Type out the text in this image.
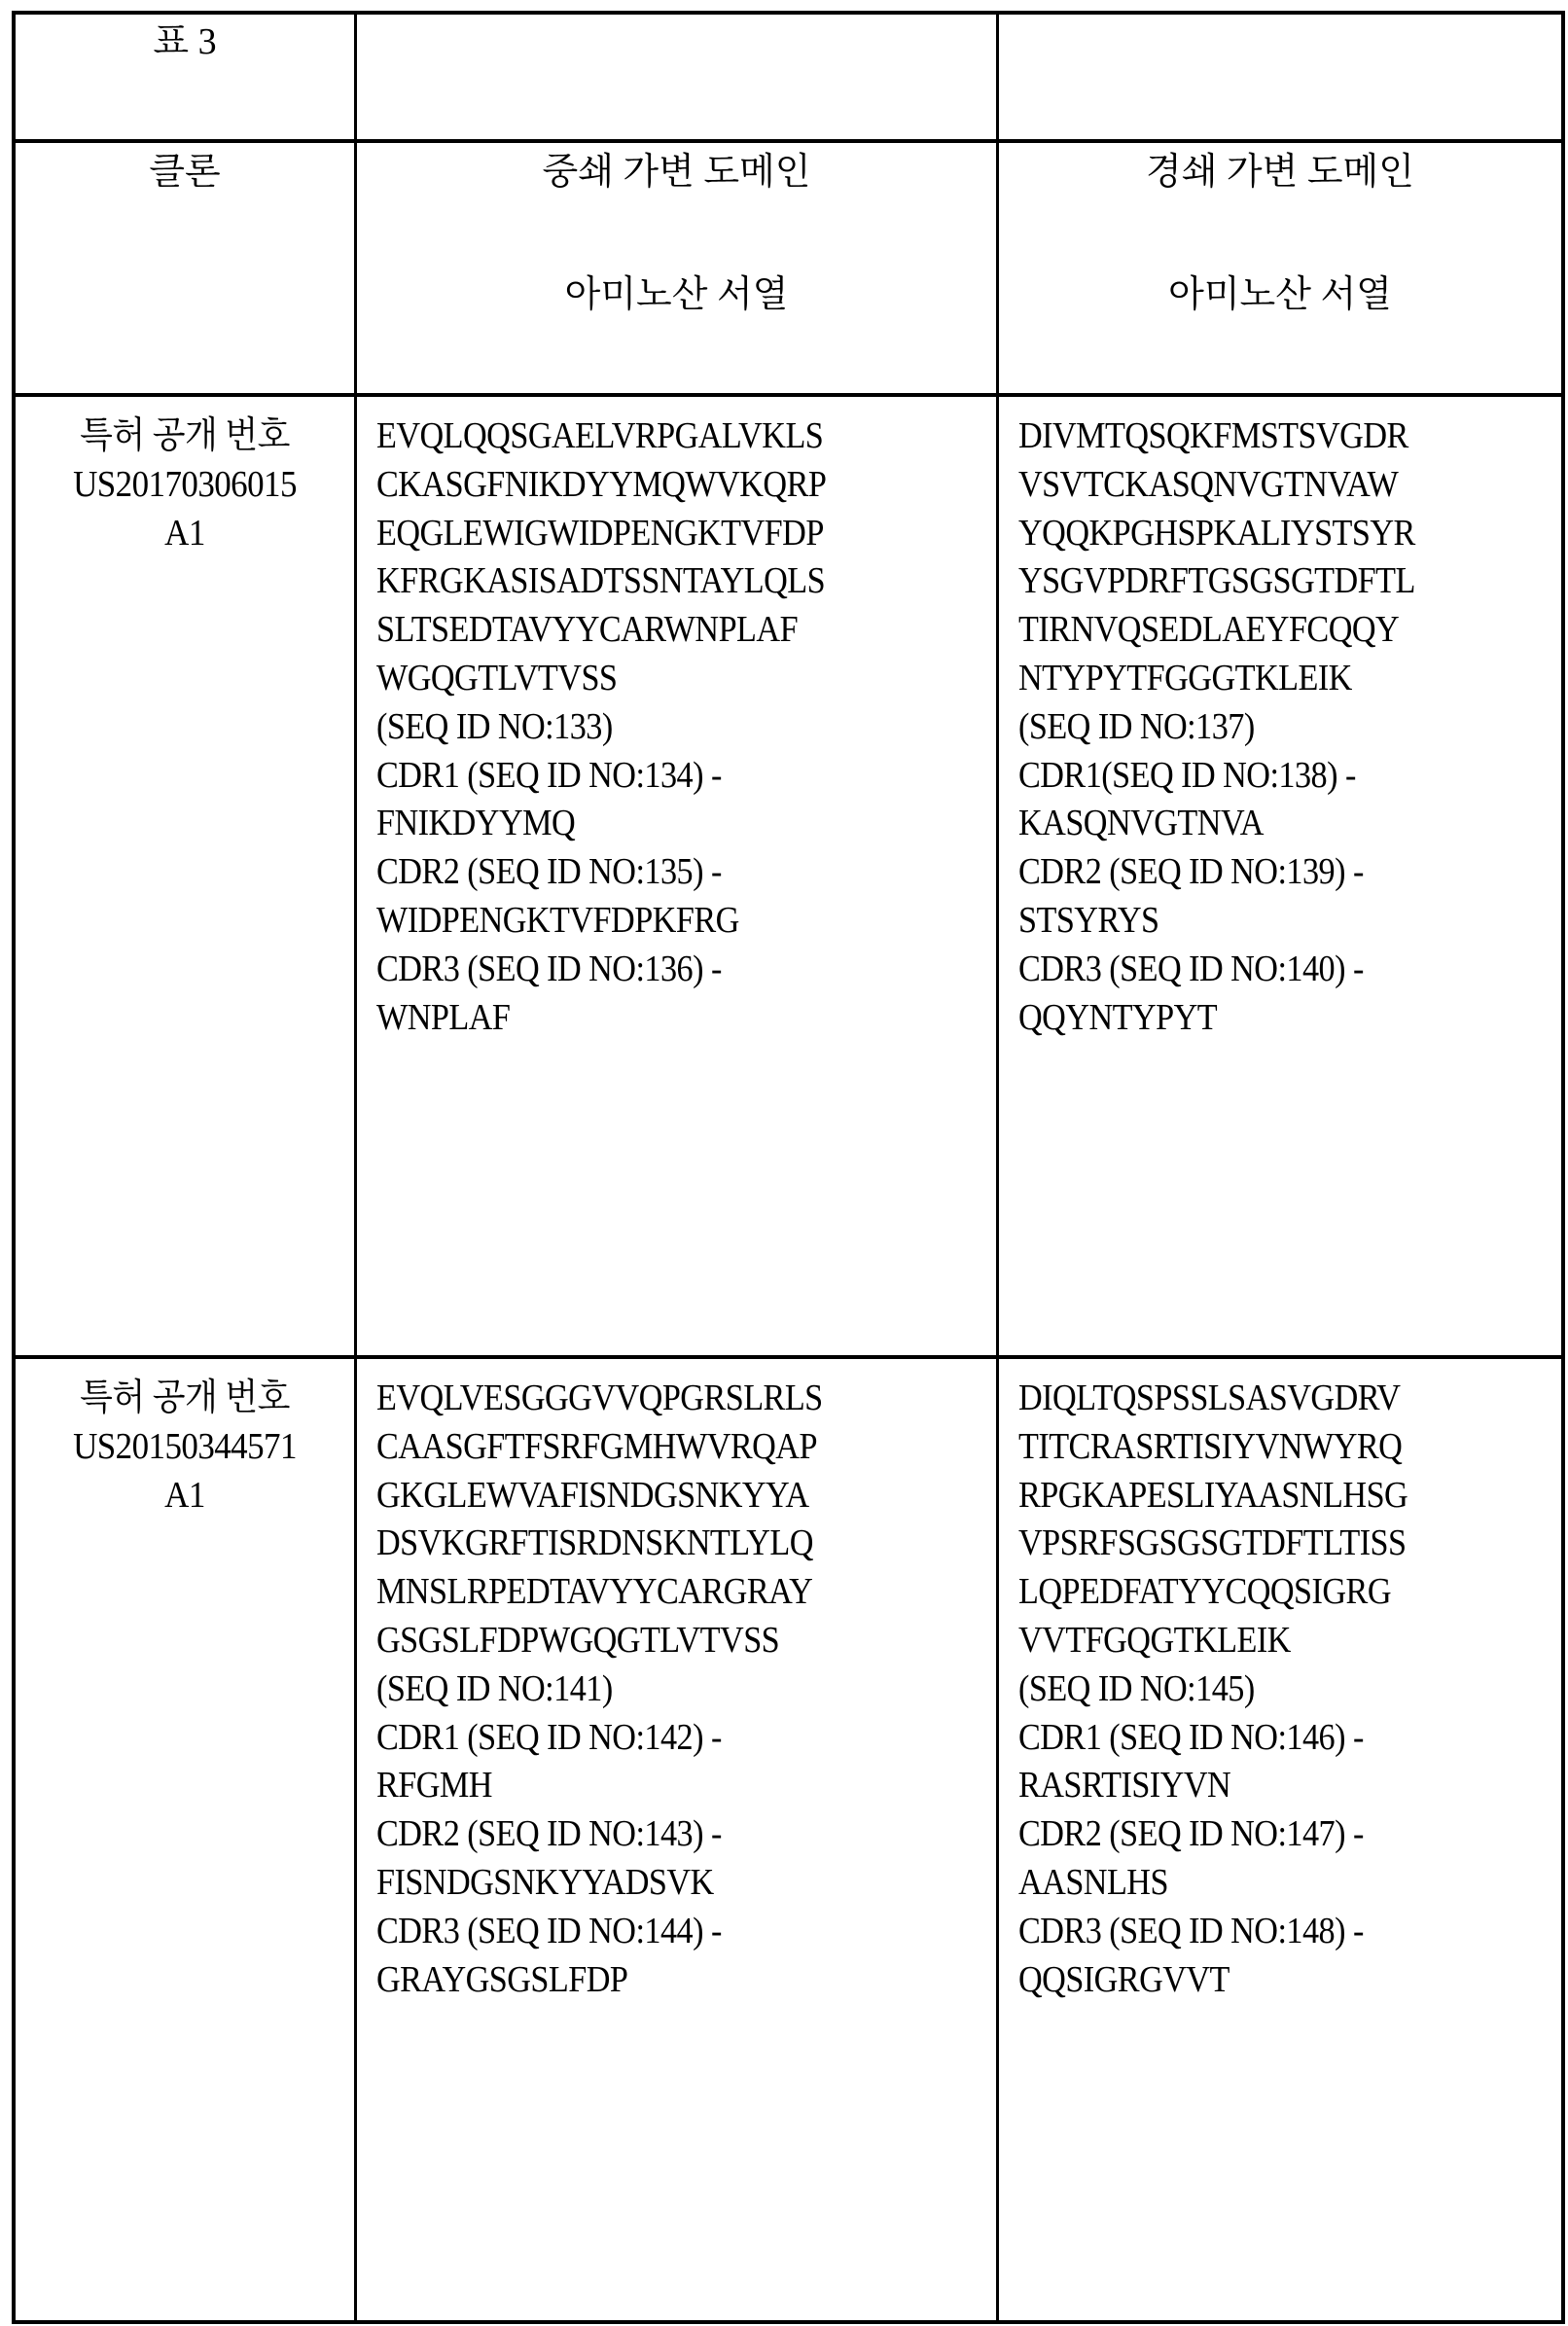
표 3
클론	중쇄 가변 도메인
아미노산 서열
경쇄 가변 도메인
아미노산 서열
특허 공개 번호
US20170306015
A1
EVQLQQSGAELVRPGALVKLS
CKASGFNIKDYYMQWVKQRP
EQGLEWIGWIDPENGKTVFDP
KFRGKASISADTSSNTAYLQLS
SLTSEDTAVYYCARWNPLAF
WGQGTLVTVSS
(SEQ ID NO:133)
CDR1 (SEQ ID NO:134) -
FNIKDYYMQ
CDR2 (SEQ ID NO:135) -
WIDPENGKTVFDPKFRG
CDR3 (SEQ ID NO:136) -
WNPLAF
DIVMTQSQKFMSTSVGDR
VSVTCKASQNVGTNVAW
YQQKPGHSPKALIYSTSYR
YSGVPDRFTGSGSGTDFTL
TIRNVQSEDLAEYFCQQY
NTYPYTFGGGTKLEIK
(SEQ ID NO:137)
CDR1(SEQ ID NO:138) -
KASQNVGTNVA
CDR2 (SEQ ID NO:139) -
STSYRYS
CDR3 (SEQ ID NO:140) -
QQYNTYPYT
특허 공개 번호
US20150344571
A1
EVQLVESGGGVVQPGRSLRLS
CAASGFTFSRFGMHWVRQAP
GKGLEWVAFISNDGSNKYYA
DSVKGRFTISRDNSKNTLYLQ
MNSLRPEDTAVYYCARGRAY
GSGSLFDPWGQGTLVTVSS
(SEQ ID NO:141)
CDR1 (SEQ ID NO:142) -
RFGMH
CDR2 (SEQ ID NO:143) -
FISNDGSNKYYADSVK
CDR3 (SEQ ID NO:144) -
GRAYGSGSLFDP
DIQLTQSPSSLSASVGDRV
TITCRASRTISIYVNWYRQ
RPGKAPESLIYAASNLHSG
VPSRFSGSGSGTDFTLTISS
LQPEDFATYYCQQSIGRG
VVTFGQGTKLEIK
(SEQ ID NO:145)
CDR1 (SEQ ID NO:146) -
RASRTISIYVN
CDR2 (SEQ ID NO:147) -
AASNLHS
CDR3 (SEQ ID NO:148) -
QQSIGRGVVT
